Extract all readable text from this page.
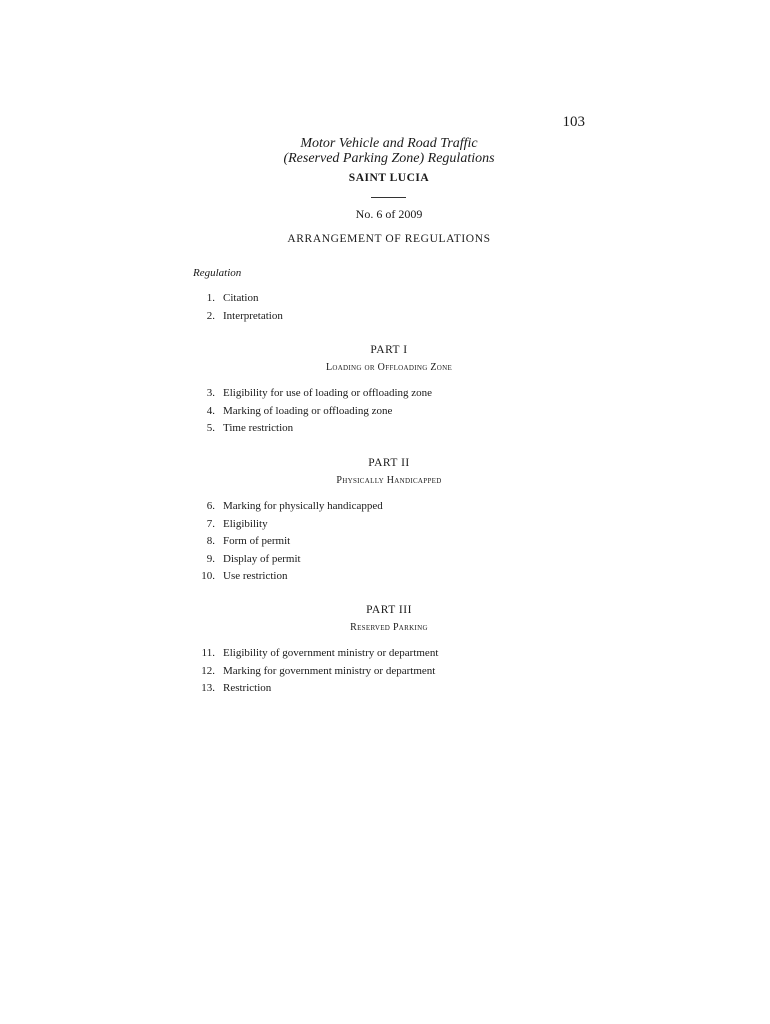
103
Motor Vehicle and Road Traffic
(Reserved Parking Zone) Regulations
SAINT LUCIA
No. 6 of 2009
ARRANGEMENT OF REGULATIONS
Regulation
1. Citation
2. Interpretation
PART I
Loading or Offloading Zone
3. Eligibility for use of loading or offloading zone
4. Marking of loading or offloading zone
5. Time restriction
PART II
Physically Handicapped
6. Marking for physically handicapped
7. Eligibility
8. Form of permit
9. Display of permit
10. Use restriction
PART III
Reserved Parking
11. Eligibility of government ministry or department
12. Marking for government ministry or department
13. Restriction
